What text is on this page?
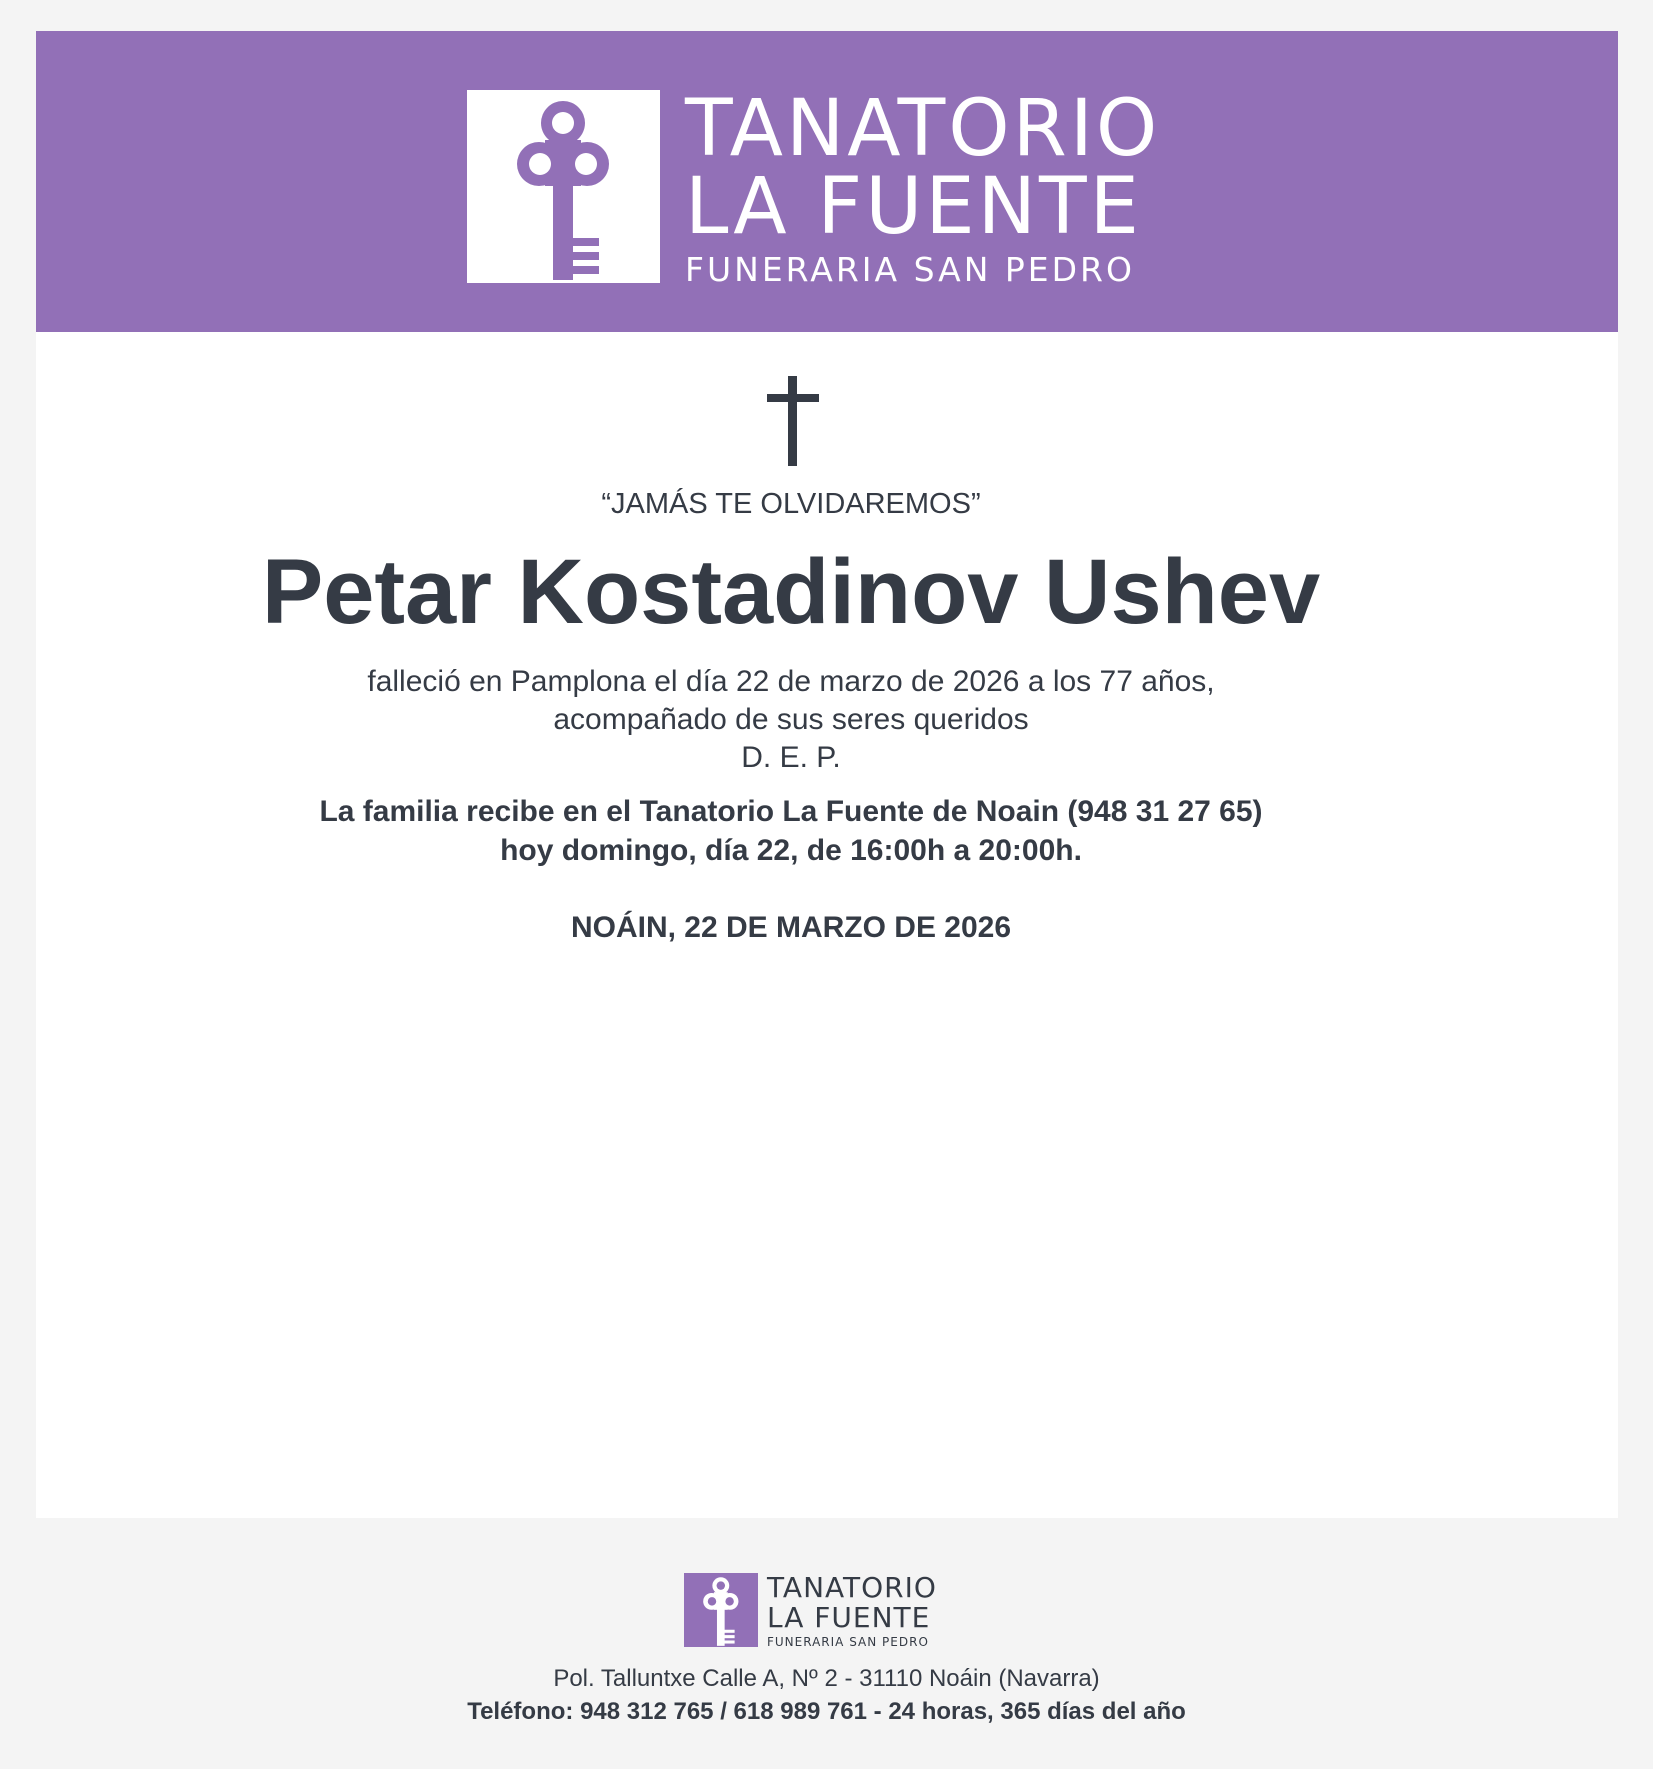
TANATORIO
LA FUENTE
FUNERARIA SAN PEDRO
“JAMÁS TE OLVIDAREMOS”
Petar Kostadinov Ushev
falleció en Pamplona el día 22 de marzo de 2026 a los 77 años,
acompañado de sus seres queridos
D. E. P.
La familia recibe en el Tanatorio La Fuente de Noain (948 31 27 65)
hoy domingo, día 22, de 16:00h a 20:00h.
NOÁIN, 22 DE MARZO DE 2026
TANATORIO
LA FUENTE
FUNERARIA SAN PEDRO
Pol. Talluntxe Calle A, Nº 2 - 31110 Noáin (Navarra)
Teléfono: 948 312 765 / 618 989 761 - 24 horas, 365 días del año
